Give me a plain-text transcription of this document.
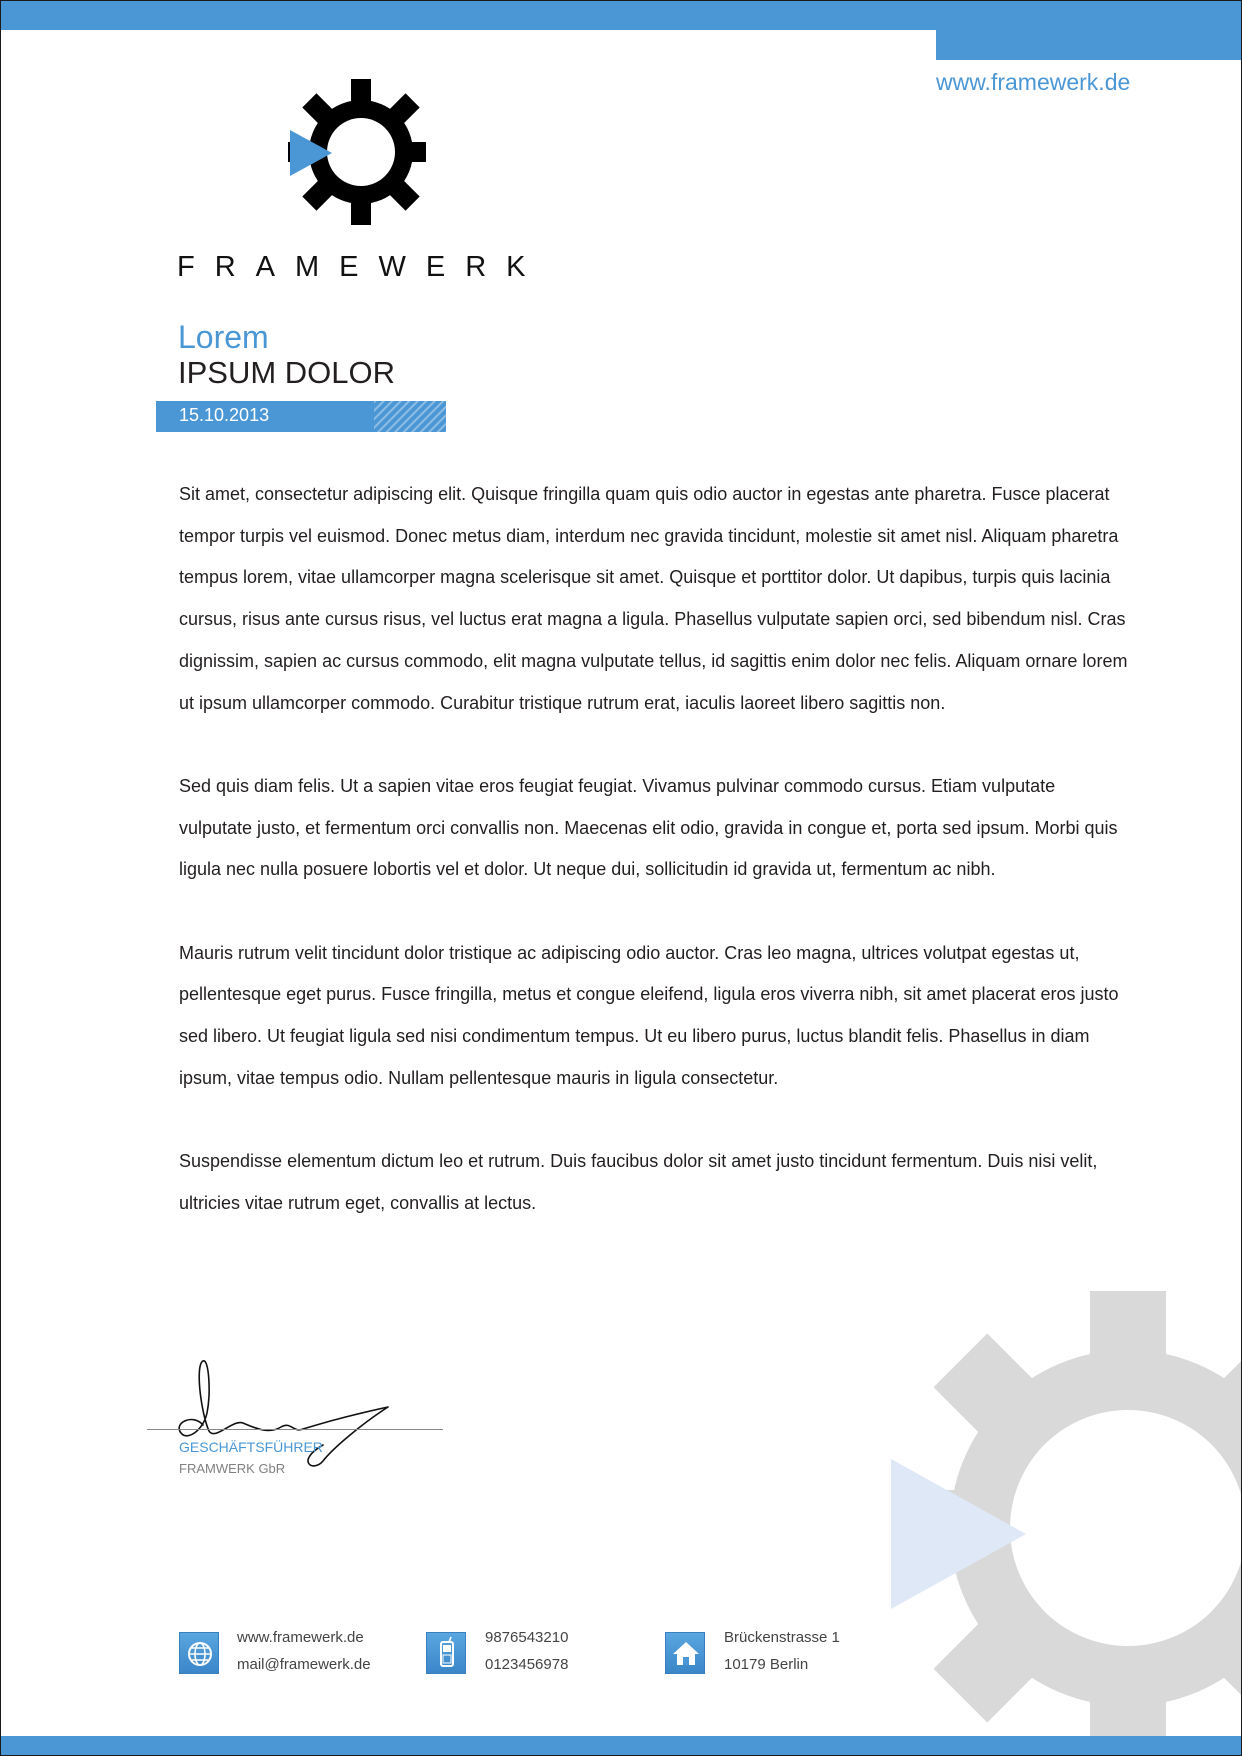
www.framewerk.de
FRAMEWERK
Lorem
IPSUM DOLOR
15.10.2013

Sit amet, consectetur adipiscing elit. Quisque fringilla quam quis odio auctor in egestas ante pharetra. Fusce placerat tempor turpis vel euismod. Donec metus diam, interdum nec gravida tincidunt, molestie sit amet nisl. Aliquam pharetra tempus lorem, vitae ullamcorper magna scelerisque sit amet. Quisque et porttitor dolor. Ut dapibus, turpis quis lacinia cursus, risus ante cursus risus, vel luctus erat magna a ligula. Phasellus vulputate sapien orci, sed bibendum nisl. Cras dignissim, sapien ac cursus commodo, elit magna vulputate tellus, id sagittis enim dolor nec felis. Aliquam ornare lorem ut ipsum ullamcorper commodo. Curabitur tristique rutrum erat, iaculis laoreet libero sagittis non.

Sed quis diam felis. Ut a sapien vitae eros feugiat feugiat. Vivamus pulvinar commodo cursus. Etiam vulputate vulputate justo, et fermentum orci convallis non. Maecenas elit odio, gravida in congue et, porta sed ipsum. Morbi quis ligula nec nulla posuere lobortis vel et dolor. Ut neque dui, sollicitudin id gravida ut, fermentum ac nibh.

Mauris rutrum velit tincidunt dolor tristique ac adipiscing odio auctor. Cras leo magna, ultrices volutpat egestas ut, pellentesque eget purus. Fusce fringilla, metus et congue eleifend, ligula eros viverra nibh, sit amet placerat eros justo sed libero. Ut feugiat ligula sed nisi condimentum tempus. Ut eu libero purus, luctus blandit felis. Phasellus in diam ipsum, vitae tempus odio. Nullam pellentesque mauris in ligula consectetur.

Suspendisse elementum dictum leo et rutrum. Duis faucibus dolor sit amet justo tincidunt fermentum. Duis nisi velit, ultricies vitae rutrum eget, convallis at lectus.

GESCHÄFTSFÜHRER
FRAMWERK GbR
www.framewerk.de
mail@framewerk.de
9876543210
0123456978
Brückenstrasse 1
10179 Berlin
